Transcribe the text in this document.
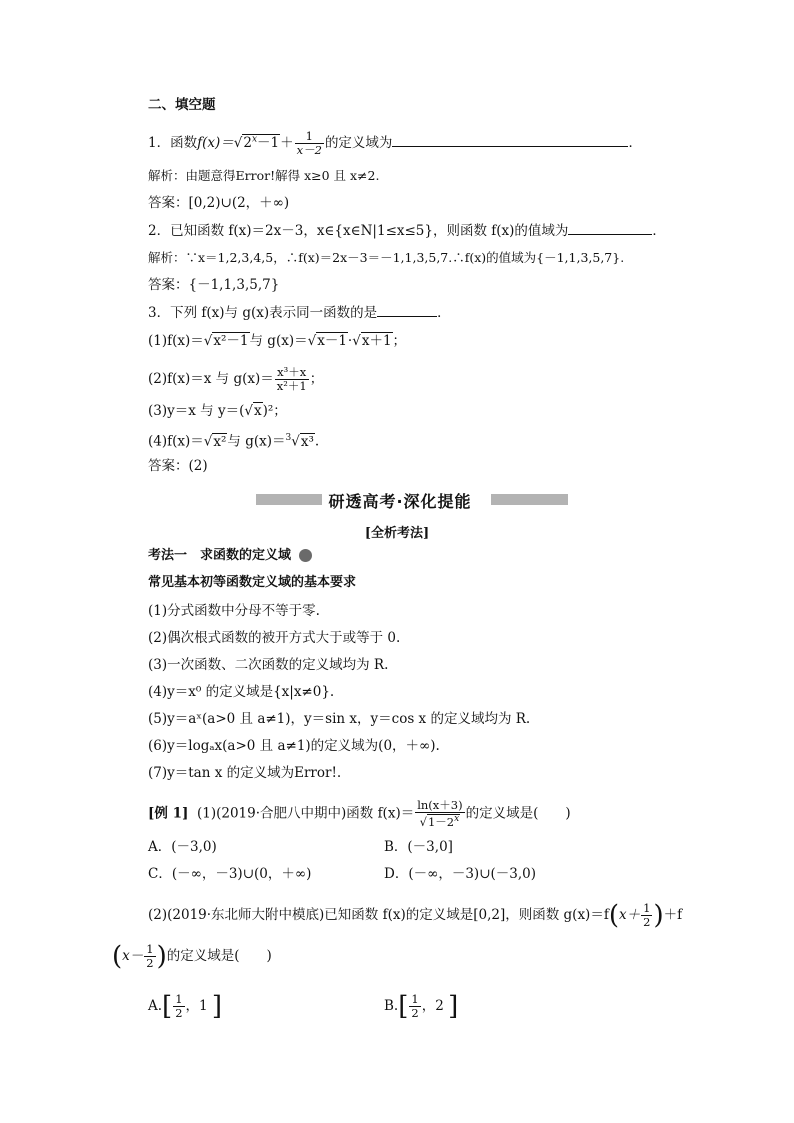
二、填空题
1．函数$f(x)=√2^x-1+ \frac{1}{x-2}$ 的定义域为	．
解析：由题意得Error!解得 x≥0 且 x≠2.
答案：[0,2)∪(2，＋∞)
2．已知函数 f(x)＝2x－3，x∈{x∈N|1≤x≤5}，则函数 f(x)的值域为	．
解析：∵x＝1,2,3,4,5，∴f(x)＝2x－3＝－1,1,3,5,7.∴f(x)的值域为{－1,1,3,5,7}.
答案：{－1,1,3,5,7}
3．下列 f(x)与 g(x)表示同一函数的是	．
(1)f(x)＝√x²－1与 g(x)＝√x－1·√x＋1；
(2)f(x)＝x 与 $g(x)= \frac{\text{x³＋x}}{\text{x²＋1}}$ ；
(3)y＝x 与 y＝(√x)²；
(4)f(x)＝√x²与 g(x)＝$^3$√x³.
答案：(2)
研透高考·深化提能
[全析考法]
考法一　求函数的定义域
常见基本初等函数定义域的基本要求
(1)分式函数中分母不等于零.
(2)偶次根式函数的被开方式大于或等于 0.
(3)一次函数、二次函数的定义域均为 R.
(4)y＝x⁰ 的定义域是{x|x≠0}.
(5)y＝aˣ(a>0 且 a≠1)，y＝sin x，y＝cos x 的定义域均为 R.
(6)y＝logₐx(a>0 且 a≠1)的定义域为(0，＋∞).
(7)y＝tan x 的定义域为Error!.
[例 1] (1)(2019·合肥八中期中)函数 $f(x)= \frac{\ln(x+3)}{√1-2^x}$ 的定义域是(　　)
A．(－3,0)	B．(－3,0]
C．(－∞，－3)∪(0，＋∞)	D．(－∞，－3)∪(－3,0)
(2)(2019·东北师大附中模底)已知函数 f(x)的定义域是[0,2]，则函数 $g(x)=f(x+ \frac{1}{2} )+f$
($x- \frac{1}{2}$ )的定义域是(　　)
$A.[ \frac{1}{2}$ ，1 ]	$B.[ \frac{1}{2}$ ，2 ]
